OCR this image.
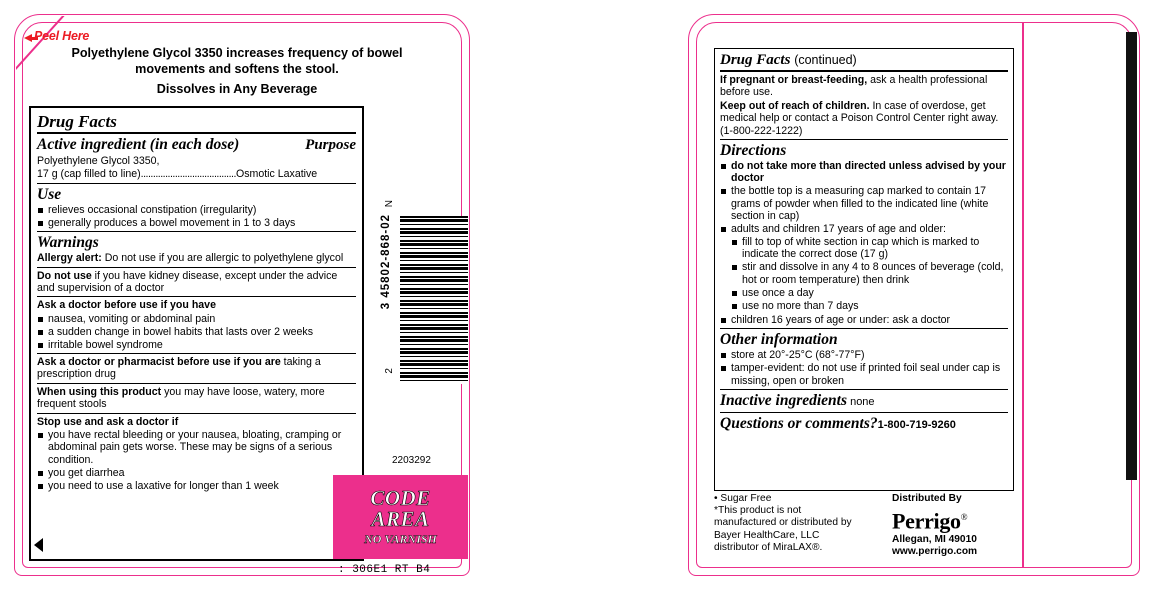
Peel Here
Polyethylene Glycol 3350 increases frequency of bowel movements and softens the stool.
Dissolves in Any Beverage
Drug Facts
Active ingredient (in each dose)	Purpose
Polyethylene Glycol 3350,
17 g (cap filled to line).......................................Osmotic Laxative
Use
relieves occasional constipation (irregularity)
generally produces a bowel movement in 1 to 3 days
Warnings
Allergy alert: Do not use if you are allergic to polyethylene glycol
Do not use if you have kidney disease, except under the advice and supervision of a doctor
Ask a doctor before use if you have
nausea, vomiting or abdominal pain
a sudden change in bowel habits that lasts over 2 weeks
irritable bowel syndrome
Ask a doctor or pharmacist before use if you are taking a prescription drug
When using this product you may have loose, watery, more frequent stools
Stop use and ask a doctor if
you have rectal bleeding or your nausea, bloating, cramping or abdominal pain gets worse. These may be signs of a serious condition.
you get diarrhea
you need to use a laxative for longer than 1 week
N
3 45802-868-02
2
2203292
CODE
AREA
NO VARNISH
: 306E1 RT B4
Drug Facts (continued)
If pregnant or breast-feeding, ask a health professional before use.
Keep out of reach of children. In case of overdose, get medical help or contact a Poison Control Center right away. (1-800-222-1222)
Directions
do not take more than directed unless advised by your doctor
the bottle top is a measuring cap marked to contain 17 grams of powder when filled to the indicated line (white section in cap)
adults and children 17 years of age and older:
fill to top of white section in cap which is marked to indicate the correct dose (17 g)
stir and dissolve in any 4 to 8 ounces of beverage (cold, hot or room temperature) then drink
use once a day
use no more than 7 days
children 16 years of age or under: ask a doctor
Other information
store at 20°-25°C (68°-77°F)
tamper-evident: do not use if printed foil seal under cap is missing, open or broken
Inactive ingredients none
Questions or comments?1-800-719-9260
• Sugar Free
*This product is not manufactured or distributed by Bayer HealthCare, LLC distributor of MiraLAX®.
Distributed By
Perrigo®
Allegan, MI 49010
www.perrigo.com
